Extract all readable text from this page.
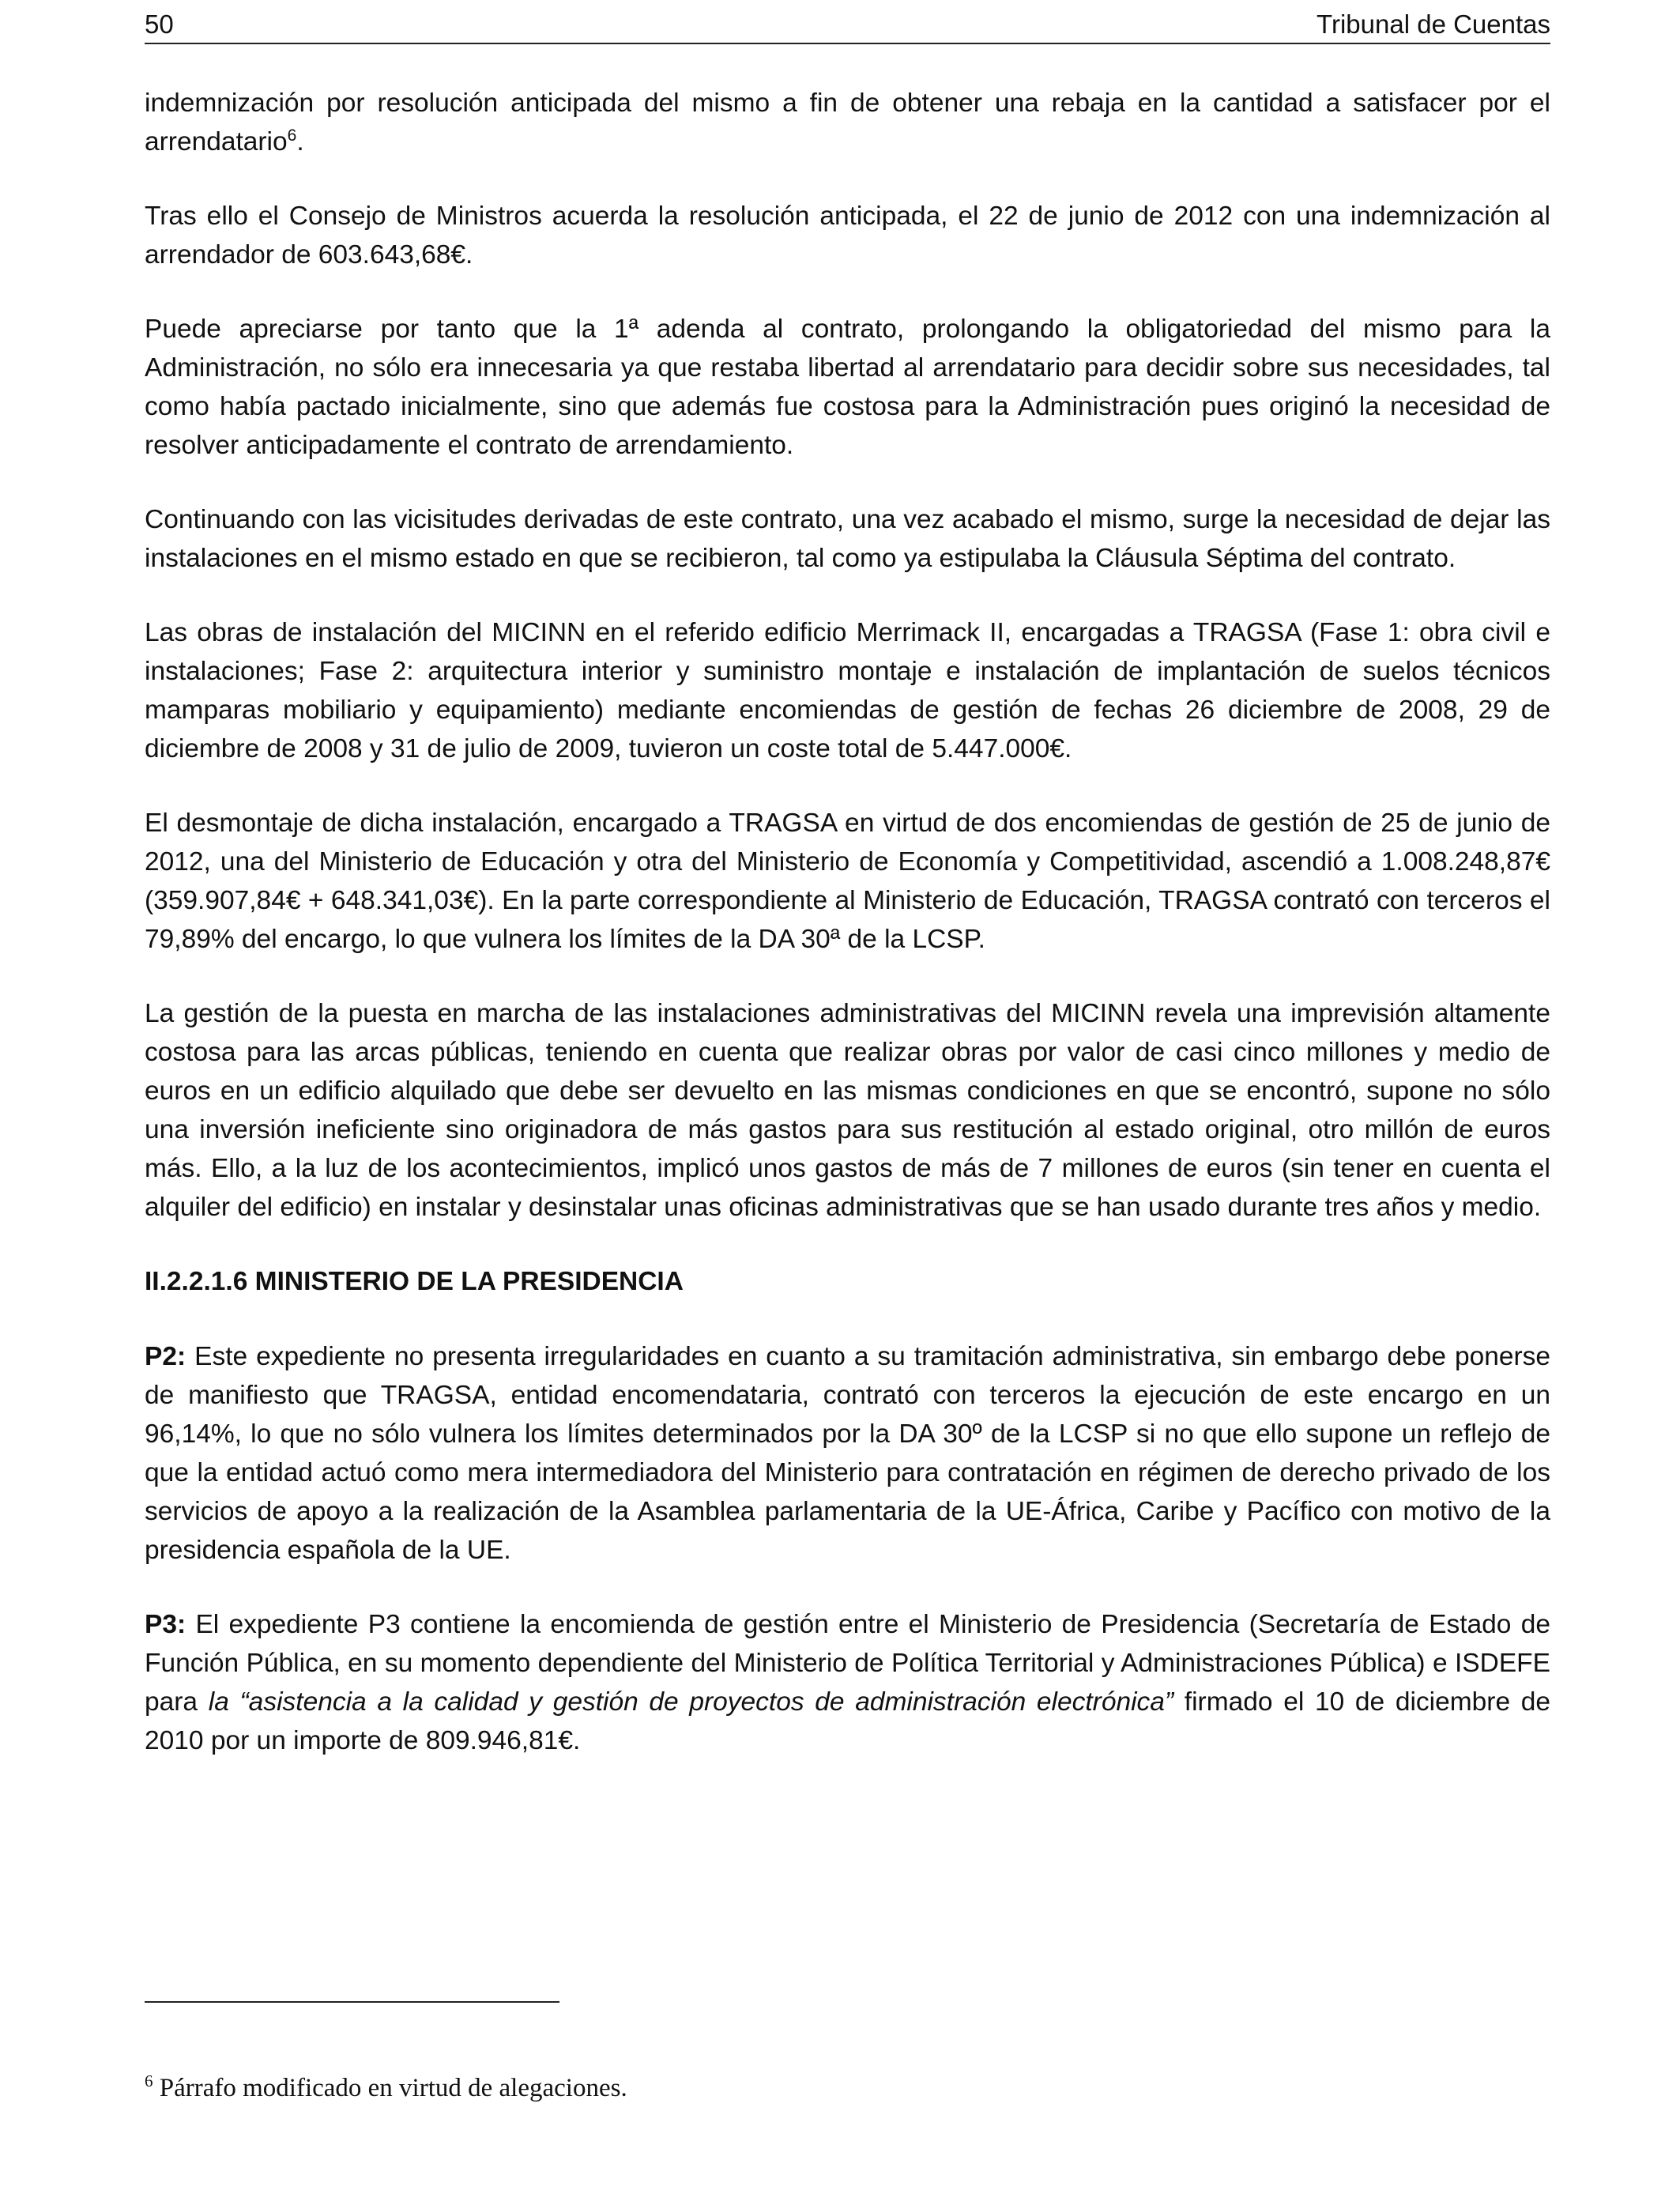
50	Tribunal de Cuentas

indemnización por resolución anticipada del mismo a fin de obtener una rebaja en la cantidad a satisfacer por el arrendatario$^6$.

Tras ello el Consejo de Ministros acuerda la resolución anticipada, el 22 de junio de 2012 con una indemnización al arrendador de 603.643,68€.

Puede apreciarse por tanto que la 1ª adenda al contrato, prolongando la obligatoriedad del mismo para la Administración, no sólo era innecesaria ya que restaba libertad al arrendatario para decidir sobre sus necesidades, tal como había pactado inicialmente, sino que además fue costosa para la Administración pues originó la necesidad de resolver anticipadamente el contrato de arrendamiento.

Continuando con las vicisitudes derivadas de este contrato, una vez acabado el mismo, surge la necesidad de dejar las instalaciones en el mismo estado en que se recibieron, tal como ya estipulaba la Cláusula Séptima del contrato.

Las obras de instalación del MICINN en el referido edificio Merrimack II, encargadas a TRAGSA (Fase 1: obra civil e instalaciones; Fase 2: arquitectura interior y suministro montaje e instalación de implantación de suelos técnicos mamparas mobiliario y equipamiento) mediante encomiendas de gestión de fechas 26 diciembre de 2008, 29 de diciembre de 2008 y 31 de julio de 2009, tuvieron un coste total de 5.447.000€.

El desmontaje de dicha instalación, encargado a TRAGSA en virtud de dos encomiendas de gestión de 25 de junio de 2012, una del Ministerio de Educación y otra del Ministerio de Economía y Competitividad, ascendió a 1.008.248,87€ (359.907,84€ + 648.341,03€). En la parte correspondiente al Ministerio de Educación, TRAGSA contrató con terceros el 79,89% del encargo, lo que vulnera los límites de la DA 30ª de la LCSP.

La gestión de la puesta en marcha de las instalaciones administrativas del MICINN revela una imprevisión altamente costosa para las arcas públicas, teniendo en cuenta que realizar obras por valor de casi cinco millones y medio de euros en un edificio alquilado que debe ser devuelto en las mismas condiciones en que se encontró, supone no sólo una inversión ineficiente sino originadora de más gastos para sus restitución al estado original, otro millón de euros más. Ello, a la luz de los acontecimientos, implicó unos gastos de más de 7 millones de euros (sin tener en cuenta el alquiler del edificio) en instalar y desinstalar unas oficinas administrativas que se han usado durante tres años y medio.

II.2.2.1.6 MINISTERIO DE LA PRESIDENCIA

P2: Este expediente no presenta irregularidades en cuanto a su tramitación administrativa, sin embargo debe ponerse de manifiesto que TRAGSA, entidad encomendataria, contrató con terceros la ejecución de este encargo en un 96,14%, lo que no sólo vulnera los límites determinados por la DA 30º de la LCSP si no que ello supone un reflejo de que la entidad actuó como mera intermediadora del Ministerio para contratación en régimen de derecho privado de los servicios de apoyo a la realización de la Asamblea parlamentaria de la UE-África, Caribe y Pacífico con motivo de la presidencia española de la UE.

P3: El expediente P3 contiene la encomienda de gestión entre el Ministerio de Presidencia (Secretaría de Estado de Función Pública, en su momento dependiente del Ministerio de Política Territorial y Administraciones Pública) e ISDEFE para la “asistencia a la calidad y gestión de proyectos de administración electrónica” firmado el 10 de diciembre de 2010 por un importe de 809.946,81€.

$^6$ Párrafo modificado en virtud de alegaciones.
